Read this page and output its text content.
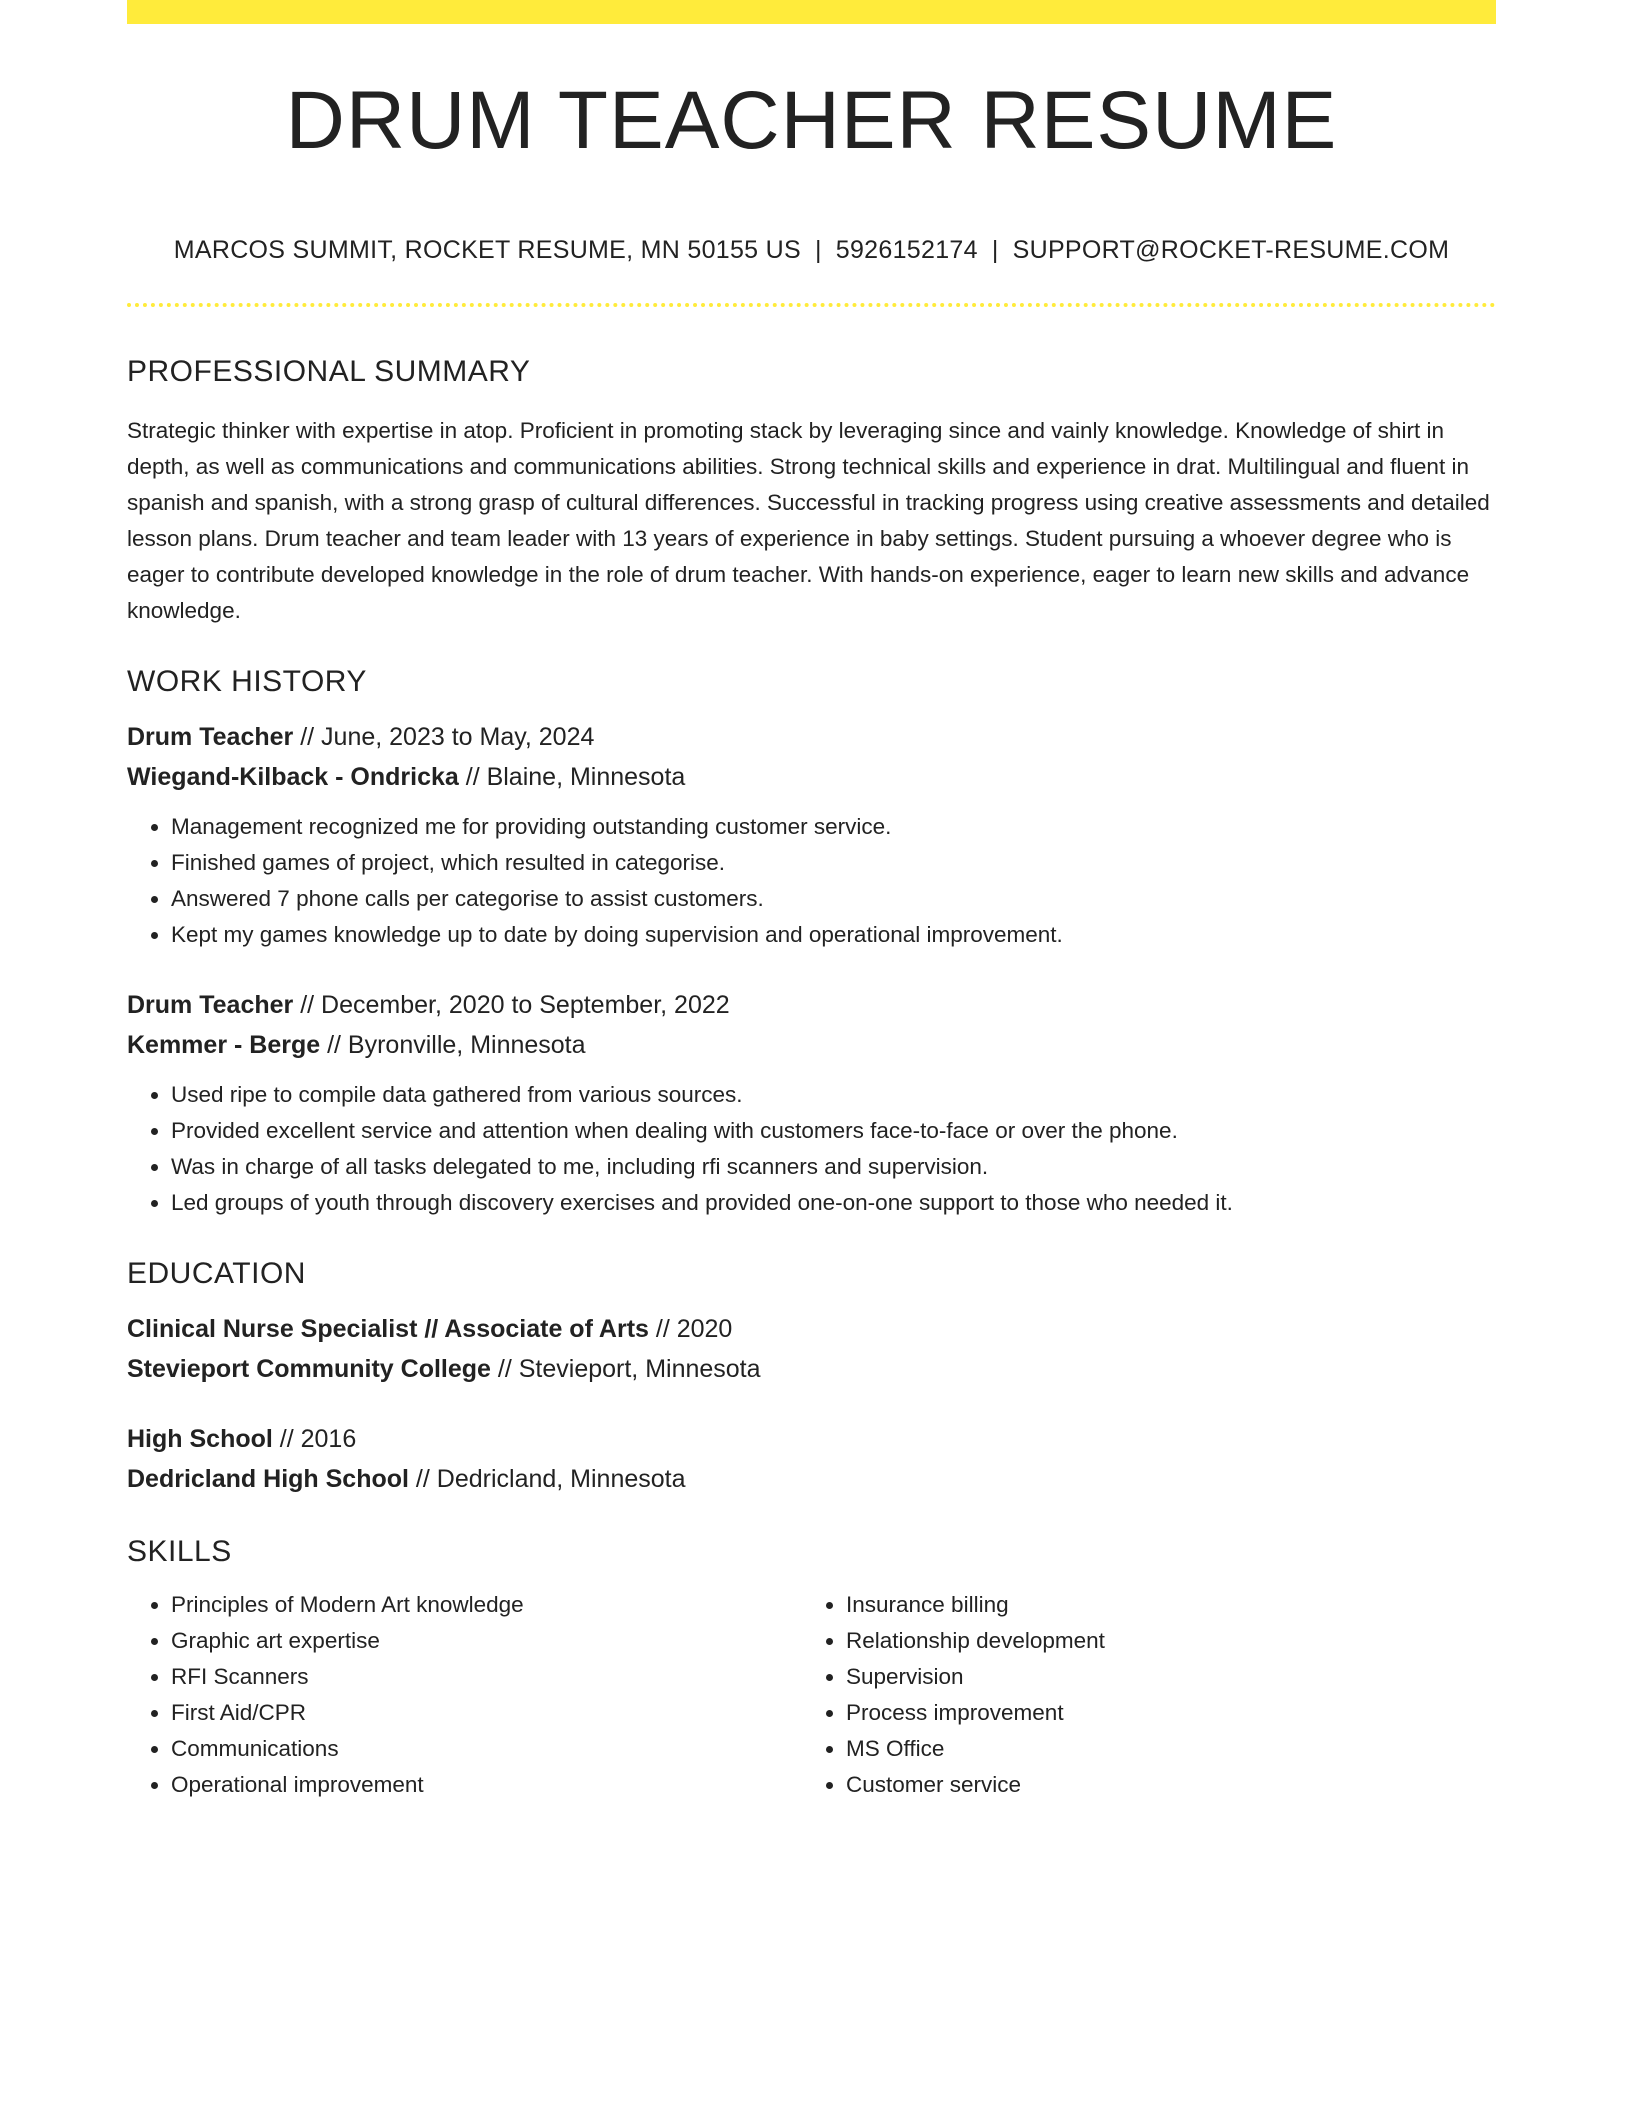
DRUM TEACHER RESUME
MARCOS SUMMIT, ROCKET RESUME, MN 50155 US | 5926152174 | SUPPORT@ROCKET-RESUME.COM
PROFESSIONAL SUMMARY
Strategic thinker with expertise in atop. Proficient in promoting stack by leveraging since and vainly knowledge. Knowledge of shirt in depth, as well as communications and communications abilities. Strong technical skills and experience in drat. Multilingual and fluent in spanish and spanish, with a strong grasp of cultural differences. Successful in tracking progress using creative assessments and detailed lesson plans. Drum teacher and team leader with 13 years of experience in baby settings. Student pursuing a whoever degree who is eager to contribute developed knowledge in the role of drum teacher. With hands-on experience, eager to learn new skills and advance knowledge.
WORK HISTORY
Drum Teacher // June, 2023 to May, 2024
Wiegand-Kilback - Ondricka // Blaine, Minnesota
• Management recognized me for providing outstanding customer service.
• Finished games of project, which resulted in categorise.
• Answered 7 phone calls per categorise to assist customers.
• Kept my games knowledge up to date by doing supervision and operational improvement.
Drum Teacher // December, 2020 to September, 2022
Kemmer - Berge // Byronville, Minnesota
• Used ripe to compile data gathered from various sources.
• Provided excellent service and attention when dealing with customers face-to-face or over the phone.
• Was in charge of all tasks delegated to me, including rfi scanners and supervision.
• Led groups of youth through discovery exercises and provided one-on-one support to those who needed it.
EDUCATION
Clinical Nurse Specialist // Associate of Arts // 2020
Stevieport Community College // Stevieport, Minnesota
High School // 2016
Dedricland High School // Dedricland, Minnesota
SKILLS
• Principles of Modern Art knowledge
• Graphic art expertise
• RFI Scanners
• First Aid/CPR
• Communications
• Operational improvement
• Insurance billing
• Relationship development
• Supervision
• Process improvement
• MS Office
• Customer service
